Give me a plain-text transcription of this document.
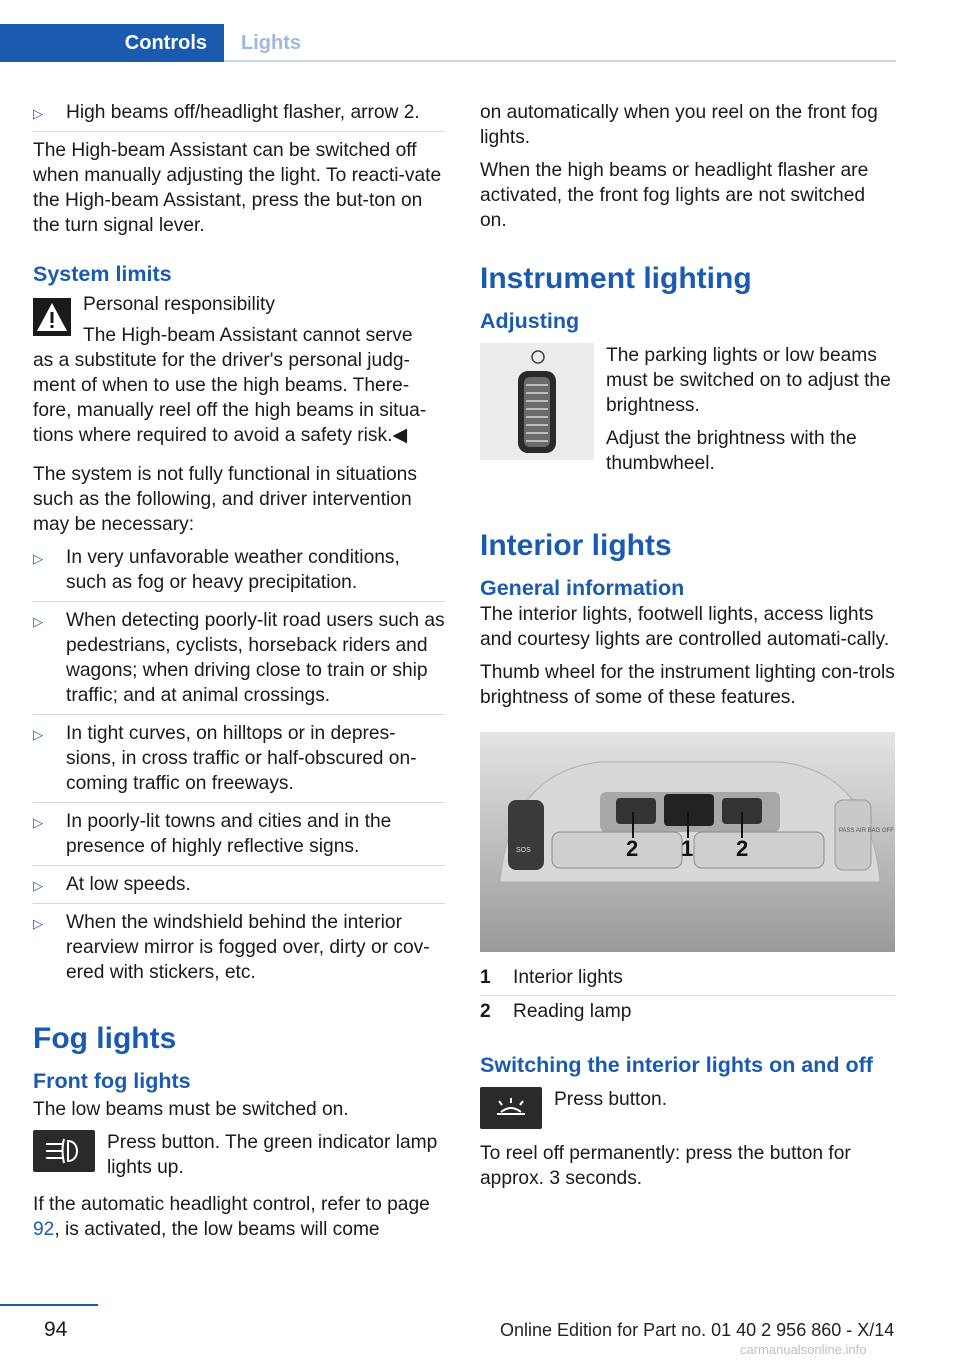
Controls	Lights
▷ High beams off/headlight flasher, arrow 2.

The High-beam Assistant can be switched off when manually adjusting the light. To reacti‐vate the High-beam Assistant, press the but‐ton on the turn signal lever.

System limits
Personal responsibility
The High-beam Assistant cannot serve

as a substitute for the driver's personal judg‐ment of when to use the high beams. There‐fore, manually reel off the high beams in situa‐tions where required to avoid a safety risk.◀

The system is not fully functional in situations such as the following, and driver intervention may be necessary:

▷ In very unfavorable weather conditions, such as fog or heavy precipitation.
▷ When detecting poorly-lit road users such as pedestrians, cyclists, horseback riders and wagons; when driving close to train or ship traffic; and at animal crossings.
▷ In tight curves, on hilltops or in depres‐sions, in cross traffic or half-obscured on‐coming traffic on freeways.
▷ In poorly-lit towns and cities and in the presence of highly reflective signs.
▷ At low speeds.
▷ When the windshield behind the interior rearview mirror is fogged over, dirty or cov‐ered with stickers, etc.
Fog lights
Front fog lights

The low beams must be switched on.

Press button. The green indicator lamp lights up.

If the automatic headlight control, refer to page 92, is activated, the low beams will come

on automatically when you reel on the front fog lights.

When the high beams or headlight flasher are activated, the front fog lights are not switched on.

Instrument lighting
Adjusting

The parking lights or low beams must be switched on to adjust the brightness.

Adjust the brightness with the thumbwheel.

Interior lights
General information

The interior lights, footwell lights, access lights and courtesy lights are controlled automati‐cally.

Thumb wheel for the instrument lighting con‐trols brightness of some of these features.

2 1 2
SOS
PASS AIR BAG OFF
1	Interior lights
2	Reading lamp
Switching the interior lights on and off
Press button.

To reel off permanently: press the button for approx. 3 seconds.

94	Online Edition for Part no. 01 40 2 956 860 - X/14
carmanualsonline.info
